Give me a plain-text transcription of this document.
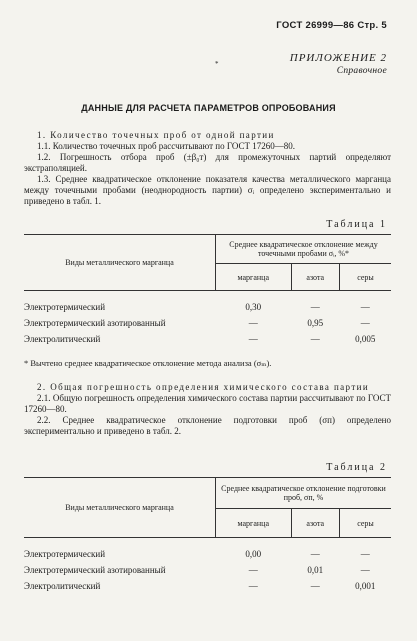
ГОСТ 26999—86 Стр. 5
ПРИЛОЖЕНИЕ 2
Справочное
*
ДАННЫЕ ДЛЯ РАСЧЕТА ПАРАМЕТРОВ ОПРОБОВАНИЯ
1. Количество точечных проб от одной партии
1.1. Количество точечных проб рассчитывают по ГОСТ 17260—80.
1.2. Погрешность отбора проб (±β₀т) для промежуточных партий определяют экстраполяцией.
1.3. Среднее квадратическое отклонение показателя качества металлического марганца между точечными пробами (неоднородность партии) σᵢ определено экспериментально и приведено в табл. 1.
Таблица 1
Виды металлического марганца	Среднее квадратическое отклонение между точечными пробами σᵢ, %*		
	марганца	азота	серы

Электротермический	0,30	—	—
Электротермический азотированный	—	0,95	—
Электролитический	—	—	0,005
* Вычтено среднее квадратическое отклонение метода анализа (σₘ).
2. Общая погрешность определения химического состава партии
2.1. Общую погрешность определения химического состава партии рассчитывают по ГОСТ 17260—80.
2.2. Среднее квадратическое отклонение подготовки проб (σп) определено экспериментально и приведено в табл. 2.
Таблица 2
Виды металлического марганца	Среднее квадратическое отклонение подготовки проб, σп, %		
	марганца	азота	серы

Электротермический	0,00	—	—
Электротермический азотированный	—	0,01	—
Электролитический	—	—	0,001
